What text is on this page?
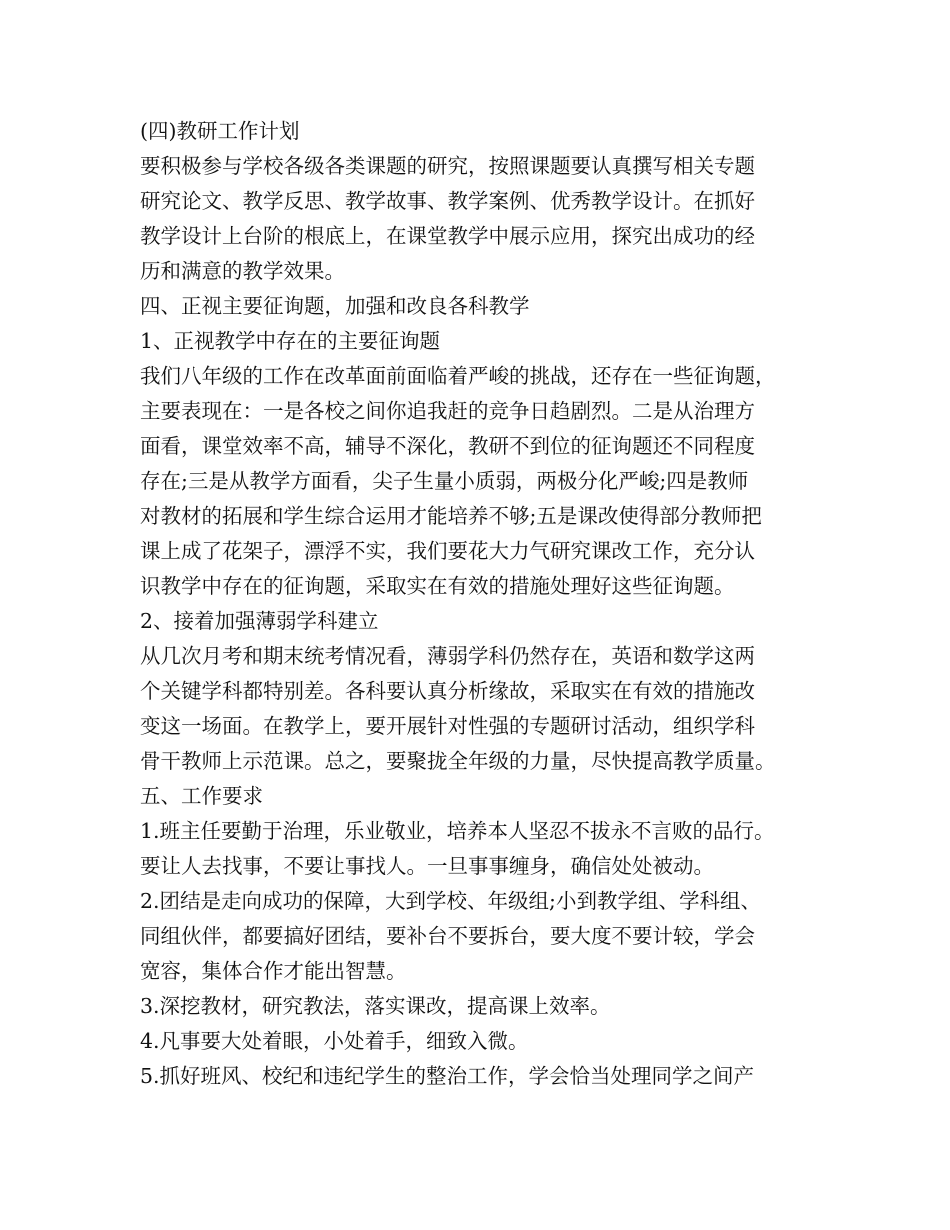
(四)教研工作计划
要积极参与学校各级各类课题的研究，按照课题要认真撰写相关专题
研究论文、教学反思、教学故事、教学案例、优秀教学设计。在抓好
教学设计上台阶的根底上，在课堂教学中展示应用，探究出成功的经
历和满意的教学效果。
四、正视主要征询题，加强和改良各科教学
1、正视教学中存在的主要征询题
我们八年级的工作在改革面前面临着严峻的挑战，还存在一些征询题，
主要表现在：一是各校之间你追我赶的竞争日趋剧烈。二是从治理方
面看，课堂效率不高，辅导不深化，教研不到位的征询题还不同程度
存在;三是从教学方面看，尖子生量小质弱，两极分化严峻;四是教师
对教材的拓展和学生综合运用才能培养不够;五是课改使得部分教师把
课上成了花架子，漂浮不实，我们要花大力气研究课改工作，充分认
识教学中存在的征询题，采取实在有效的措施处理好这些征询题。
2、接着加强薄弱学科建立
从几次月考和期末统考情况看，薄弱学科仍然存在，英语和数学这两
个关键学科都特别差。各科要认真分析缘故，采取实在有效的措施改
变这一场面。在教学上，要开展针对性强的专题研讨活动，组织学科
骨干教师上示范课。总之，要聚拢全年级的力量，尽快提高教学质量。
五、工作要求
1.班主任要勤于治理，乐业敬业，培养本人坚忍不拔永不言败的品行。
要让人去找事，不要让事找人。一旦事事缠身，确信处处被动。
2.团结是走向成功的保障，大到学校、年级组;小到教学组、学科组、
同组伙伴，都要搞好团结，要补台不要拆台，要大度不要计较，学会
宽容，集体合作才能出智慧。
3.深挖教材，研究教法，落实课改，提高课上效率。
4.凡事要大处着眼，小处着手，细致入微。
5.抓好班风、校纪和违纪学生的整治工作，学会恰当处理同学之间产
